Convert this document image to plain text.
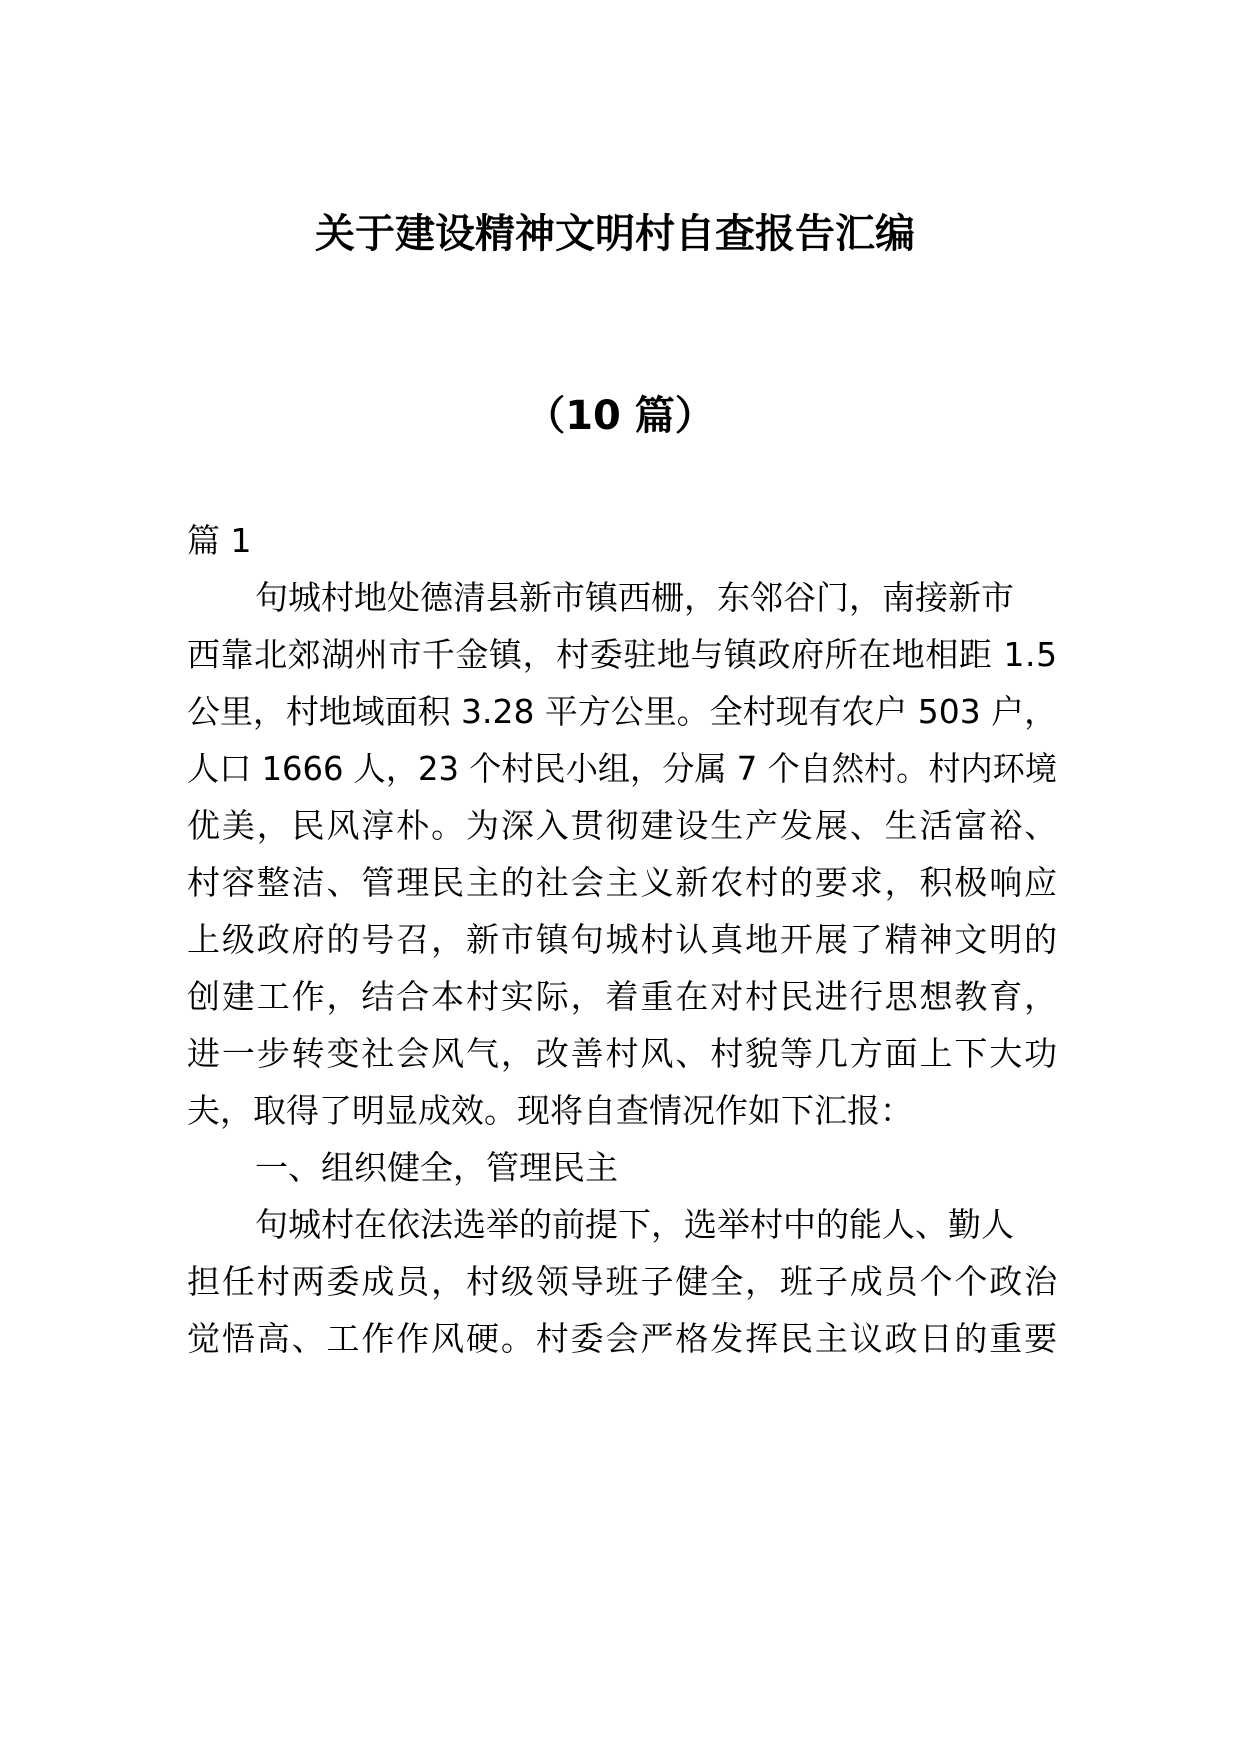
关于建设精神文明村自查报告汇编
（10 篇）
篇 1
句城村地处德清县新市镇西栅，东邻谷门，南接新市
西靠北郊湖州市千金镇，村委驻地与镇政府所在地相距 1.5
公里，村地域面积 3.28 平方公里。全村现有农户 503 户，
人口 1666 人，23 个村民小组，分属 7 个自然村。村内环境
优美，民风淳朴。为深入贯彻建设生产发展、生活富裕、
村容整洁、管理民主的社会主义新农村的要求，积极响应
上级政府的号召，新市镇句城村认真地开展了精神文明的
创建工作，结合本村实际，着重在对村民进行思想教育，
进一步转变社会风气，改善村风、村貌等几方面上下大功
夫，取得了明显成效。现将自查情况作如下汇报：
一、组织健全，管理民主
句城村在依法选举的前提下，选举村中的能人、勤人
担任村两委成员，村级领导班子健全，班子成员个个政治
觉悟高、工作作风硬。村委会严格发挥民主议政日的重要
